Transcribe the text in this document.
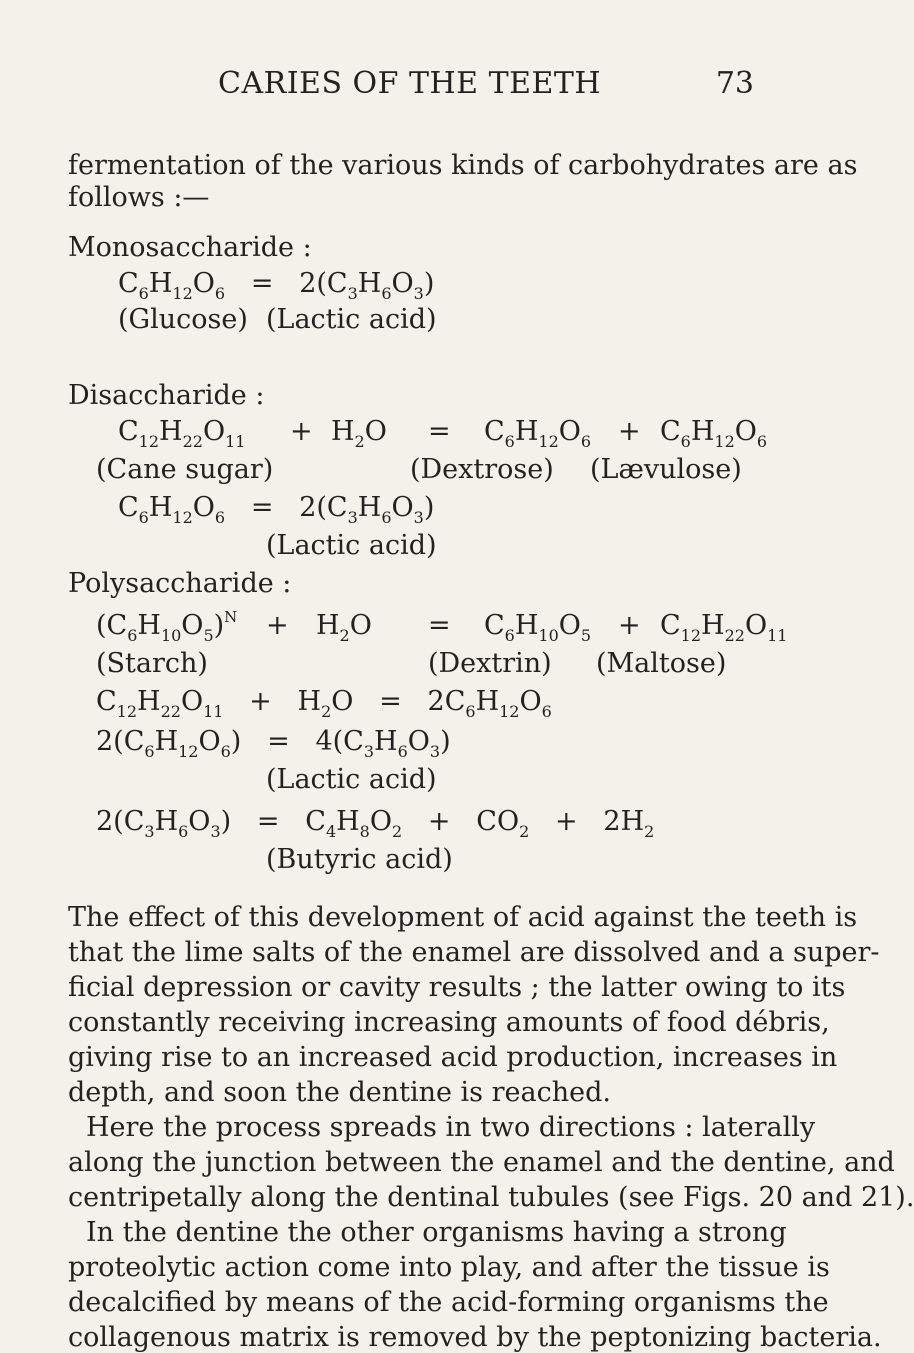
CARIES OF THE TEETH	73
fermentation of the various kinds of carbohydrates are as
follows :—
Monosaccharide :
$C_6H_{12}O_6 = 2(C_3H_6O_3)$
(Glucose) (Lactic acid)
Disaccharide :
$C_{12}H_{22}O_{11} + H_2O = C_6H_{12}O_6 + C_6H_{12}O_6$
(Cane sugar)	(Dextrose) (Lævulose)
$C_6H_{12}O_6 = 2(C_3H_6O_3)$
(Lactic acid)
Polysaccharide :
$(C_6H_{10}O_5)^N + H_2O = C_6H_{10}O_5 + C_{12}H_{22}O_{11}$
(Starch)	(Dextrin) (Maltose)
$C_{12}H_{22}O_{11} + H_2O = 2C_6H_{12}O_6$
$2(C_6H_{12}O_6) = 4(C_3H_6O_3)$
(Lactic acid)
$2(C_3H_6O_3) = C_4H_8O_2 + CO_2 + 2H_2$
(Butyric acid)
The effect of this development of acid against the teeth is
that the lime salts of the enamel are dissolved and a super-
ficial depression or cavity results ; the latter owing to its
constantly receiving increasing amounts of food débris,
giving rise to an increased acid production, increases in
depth, and soon the dentine is reached.
Here the process spreads in two directions : laterally
along the junction between the enamel and the dentine, and
centripetally along the dentinal tubules (see Figs. 20 and 21).
In the dentine the other organisms having a strong
proteolytic action come into play, and after the tissue is
decalcified by means of the acid-forming organisms the
collagenous matrix is removed by the peptonizing bacteria.
